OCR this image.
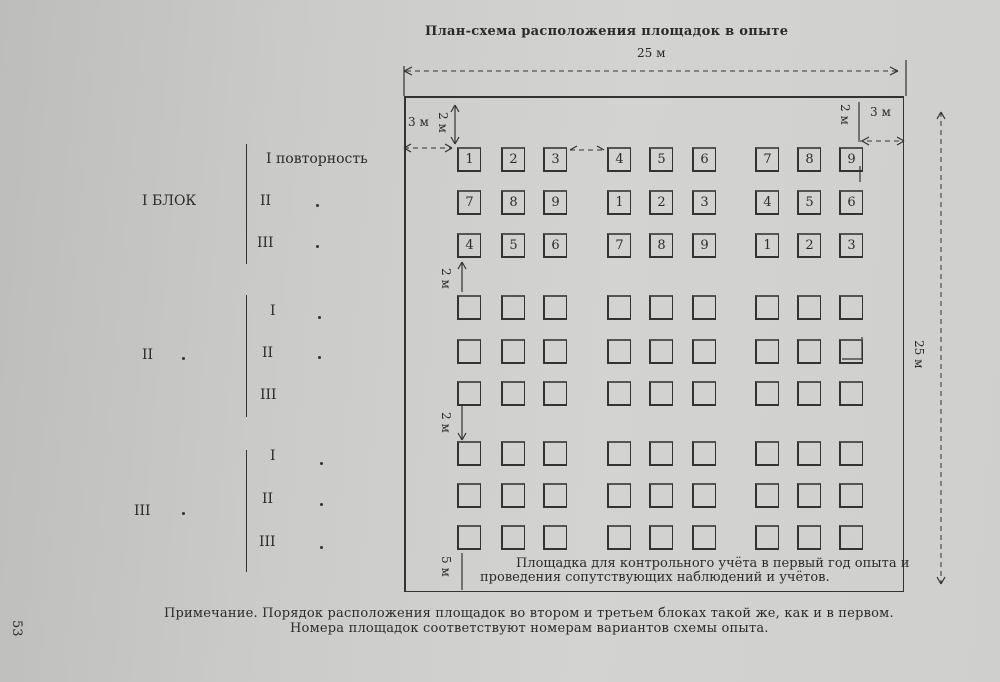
План-схема расположения площадок в опыте
25 м
3 м
3 м
2 м	2 м
2 м
2 м
5 м
25 м
1	2	3	4	5	6	7	8	9
7	8	9	1	2	3	4	5	6
4	5	6	7	8	9	1	2	3
I БЛОК
II
III
I повторность
II
III
I
II
III
I
II
III
Площадка для контрольного учёта в первый год опыта и
проведения сопутствующих наблюдений и учётов.
Примечание. Порядок расположения площадок во втором и третьем блоках такой же, как и в первом.
Номера площадок соответствуют номерам вариантов схемы опыта.
53
